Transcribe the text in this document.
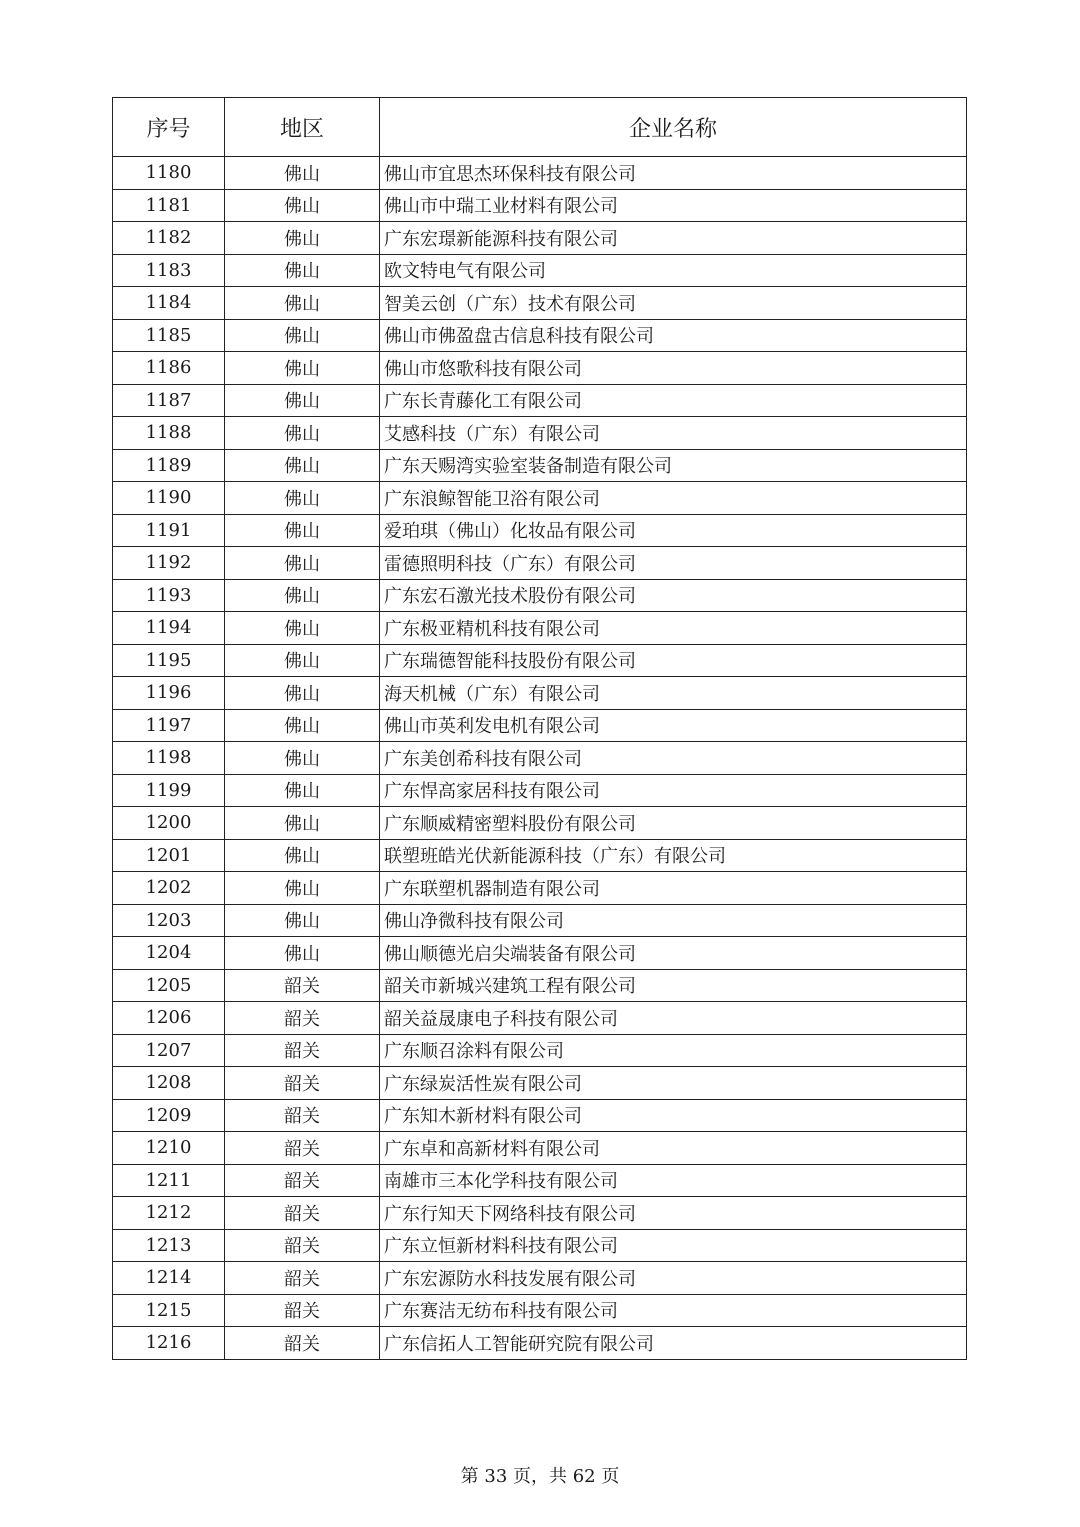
序号	地区	企业名称
1180	佛山	佛山市宜思杰环保科技有限公司
1181	佛山	佛山市中瑞工业材料有限公司
1182	佛山	广东宏璟新能源科技有限公司
1183	佛山	欧文特电气有限公司
1184	佛山	智美云创（广东）技术有限公司
1185	佛山	佛山市佛盈盘古信息科技有限公司
1186	佛山	佛山市悠歌科技有限公司
1187	佛山	广东长青藤化工有限公司
1188	佛山	艾感科技（广东）有限公司
1189	佛山	广东天赐湾实验室装备制造有限公司
1190	佛山	广东浪鲸智能卫浴有限公司
1191	佛山	爱珀琪（佛山）化妆品有限公司
1192	佛山	雷德照明科技（广东）有限公司
1193	佛山	广东宏石激光技术股份有限公司
1194	佛山	广东极亚精机科技有限公司
1195	佛山	广东瑞德智能科技股份有限公司
1196	佛山	海天机械（广东）有限公司
1197	佛山	佛山市英利发电机有限公司
1198	佛山	广东美创希科技有限公司
1199	佛山	广东悍高家居科技有限公司
1200	佛山	广东顺威精密塑料股份有限公司
1201	佛山	联塑班皓光伏新能源科技（广东）有限公司
1202	佛山	广东联塑机器制造有限公司
1203	佛山	佛山净微科技有限公司
1204	佛山	佛山顺德光启尖端装备有限公司
1205	韶关	韶关市新城兴建筑工程有限公司
1206	韶关	韶关益晟康电子科技有限公司
1207	韶关	广东顺召涂料有限公司
1208	韶关	广东绿炭活性炭有限公司
1209	韶关	广东知木新材料有限公司
1210	韶关	广东卓和高新材料有限公司
1211	韶关	南雄市三本化学科技有限公司
1212	韶关	广东行知天下网络科技有限公司
1213	韶关	广东立恒新材料科技有限公司
1214	韶关	广东宏源防水科技发展有限公司
1215	韶关	广东赛洁无纺布科技有限公司
1216	韶关	广东信拓人工智能研究院有限公司
第 33 页，共 62 页
